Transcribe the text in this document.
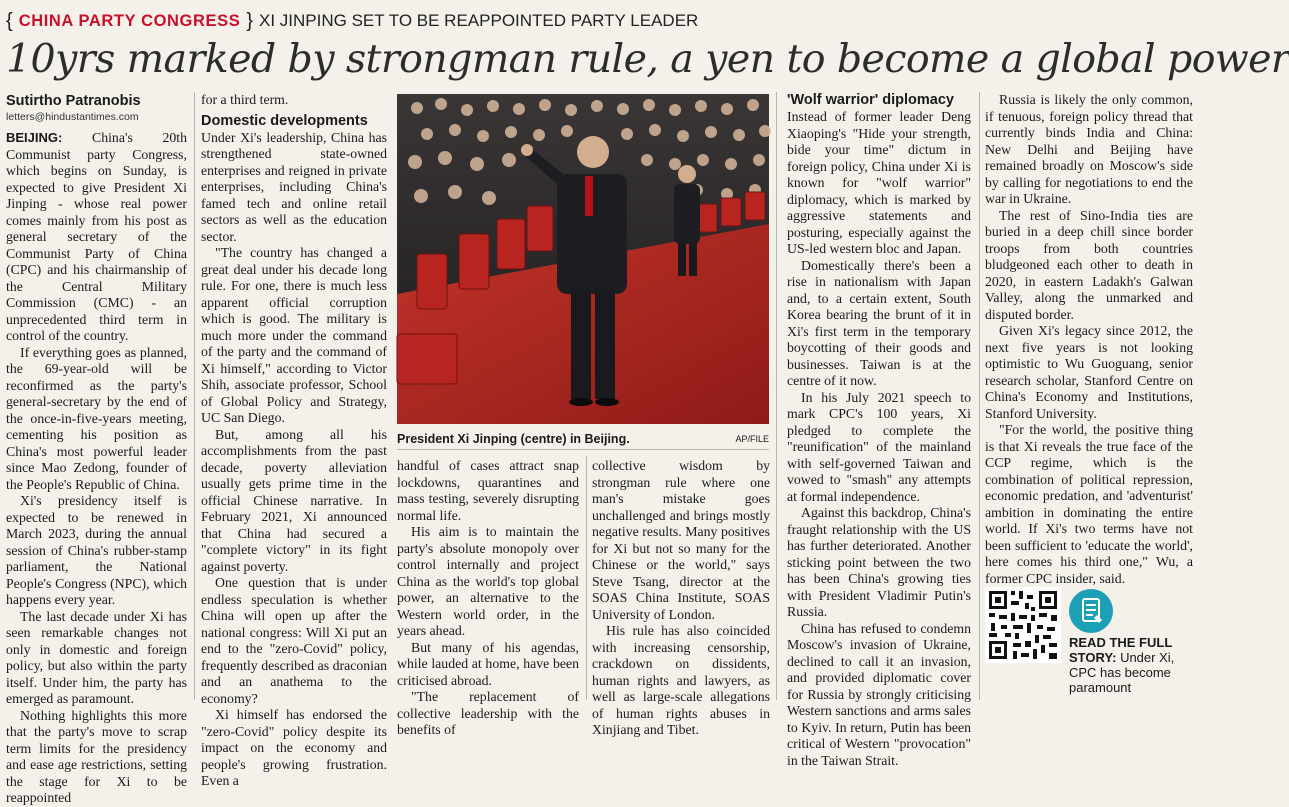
{ CHINA PARTY CONGRESS } XI JINPING SET TO BE REAPPOINTED PARTY LEADER
10yrs marked by strongman rule, a yen to become a global power
Sutirtho Patranobis
letters@hindustantimes.com

BEIJING: China's 20th Communist party Congress, which begins on Sunday, is expected to give President Xi Jinping - whose real power comes mainly from his post as general secretary of the Communist Party of China (CPC) and his chairmanship of the Central Military Commission (CMC) - an unprecedented third term in control of the country.

If everything goes as planned, the 69-year-old will be reconfirmed as the party's general-secretary by the end of the once-in-five-years meeting, cementing his position as China's most powerful leader since Mao Zedong, founder of the People's Republic of China.

Xi's presidency itself is expected to be renewed in March 2023, during the annual session of China's rubber-stamp parliament, the National People's Congress (NPC), which happens every year.

The last decade under Xi has seen remarkable changes not only in domestic and foreign policy, but also within the party itself. Under him, the party has emerged as paramount.

Nothing highlights this more that the party's move to scrap term limits for the presidency and ease age restrictions, setting the stage for Xi to be reappointed

for a third term.

Domestic developments

Under Xi's leadership, China has strengthened state-owned enterprises and reigned in private enterprises, including China's famed tech and online retail sectors as well as the education sector.

"The country has changed a great deal under his decade long rule. For one, there is much less apparent official corruption which is good. The military is much more under the command of the party and the command of Xi himself," according to Victor Shih, associate professor, School of Global Policy and Strategy, UC San Diego.

But, among all his accomplishments from the past decade, poverty alleviation usually gets prime time in the official Chinese narrative. In February 2021, Xi announced that China had secured a "complete victory" in its fight against poverty.

One question that is under endless speculation is whether China will open up after the national congress: Will Xi put an end to the "zero-Covid" policy, frequently described as draconian and an anathema to the economy?

Xi himself has endorsed the "zero-Covid" policy despite its impact on the economy and people's growing frustration. Even a

President Xi Jinping (centre) in Beijing.	AP/FILE

handful of cases attract snap lockdowns, quarantines and mass testing, severely disrupting normal life.

His aim is to maintain the party's absolute monopoly over control internally and project China as the world's top global power, an alternative to the Western world order, in the years ahead.

But many of his agendas, while lauded at home, have been criticised abroad.

"The replacement of collective leadership with the benefits of

collective wisdom by strongman rule where one man's mistake goes unchallenged and brings mostly negative results. Many positives for Xi but not so many for the Chinese or the world," says Steve Tsang, director at the SOAS China Institute, SOAS University of London.

His rule has also coincided with increasing censorship, crackdown on dissidents, human rights and lawyers, as well as large-scale allegations of human rights abuses in Xinjiang and Tibet.

'Wolf warrior' diplomacy

Instead of former leader Deng Xiaoping's "Hide your strength, bide your time" dictum in foreign policy, China under Xi is known for "wolf warrior" diplomacy, which is marked by aggressive statements and posturing, especially against the US-led western bloc and Japan.

Domestically there's been a rise in nationalism with Japan and, to a certain extent, South Korea bearing the brunt of it in Xi's first term in the temporary boycotting of their goods and businesses. Taiwan is at the centre of it now.

In his July 2021 speech to mark CPC's 100 years, Xi pledged to complete the "reunification" of the mainland with self-governed Taiwan and vowed to "smash" any attempts at formal independence.

Against this backdrop, China's fraught relationship with the US has further deteriorated. Another sticking point between the two has been China's growing ties with President Vladimir Putin's Russia.

China has refused to condemn Moscow's invasion of Ukraine, declined to call it an invasion, and provided diplomatic cover for Russia by strongly criticising Western sanctions and arms sales to Kyiv. In return, Putin has been critical of Western "provocation" in the Taiwan Strait.

Russia is likely the only common, if tenuous, foreign policy thread that currently binds India and China: New Delhi and Beijing have remained broadly on Moscow's side by calling for negotiations to end the war in Ukraine.

The rest of Sino-India ties are buried in a deep chill since border troops from both countries bludgeoned each other to death in 2020, in eastern Ladakh's Galwan Valley, along the unmarked and disputed border.

Given Xi's legacy since 2012, the next five years is not looking optimistic to Wu Guoguang, senior research scholar, Stanford Centre on China's Economy and Institutions, Stanford University.

"For the world, the positive thing is that Xi reveals the true face of the CCP regime, which is the combination of political repression, economic predation, and 'adventurist' ambition in dominating the entire world. If Xi's two terms have not been sufficient to 'educate the world', here comes his third one," Wu, a former CPC insider, said.

READ THE FULL STORY: Under Xi, CPC has become paramount
